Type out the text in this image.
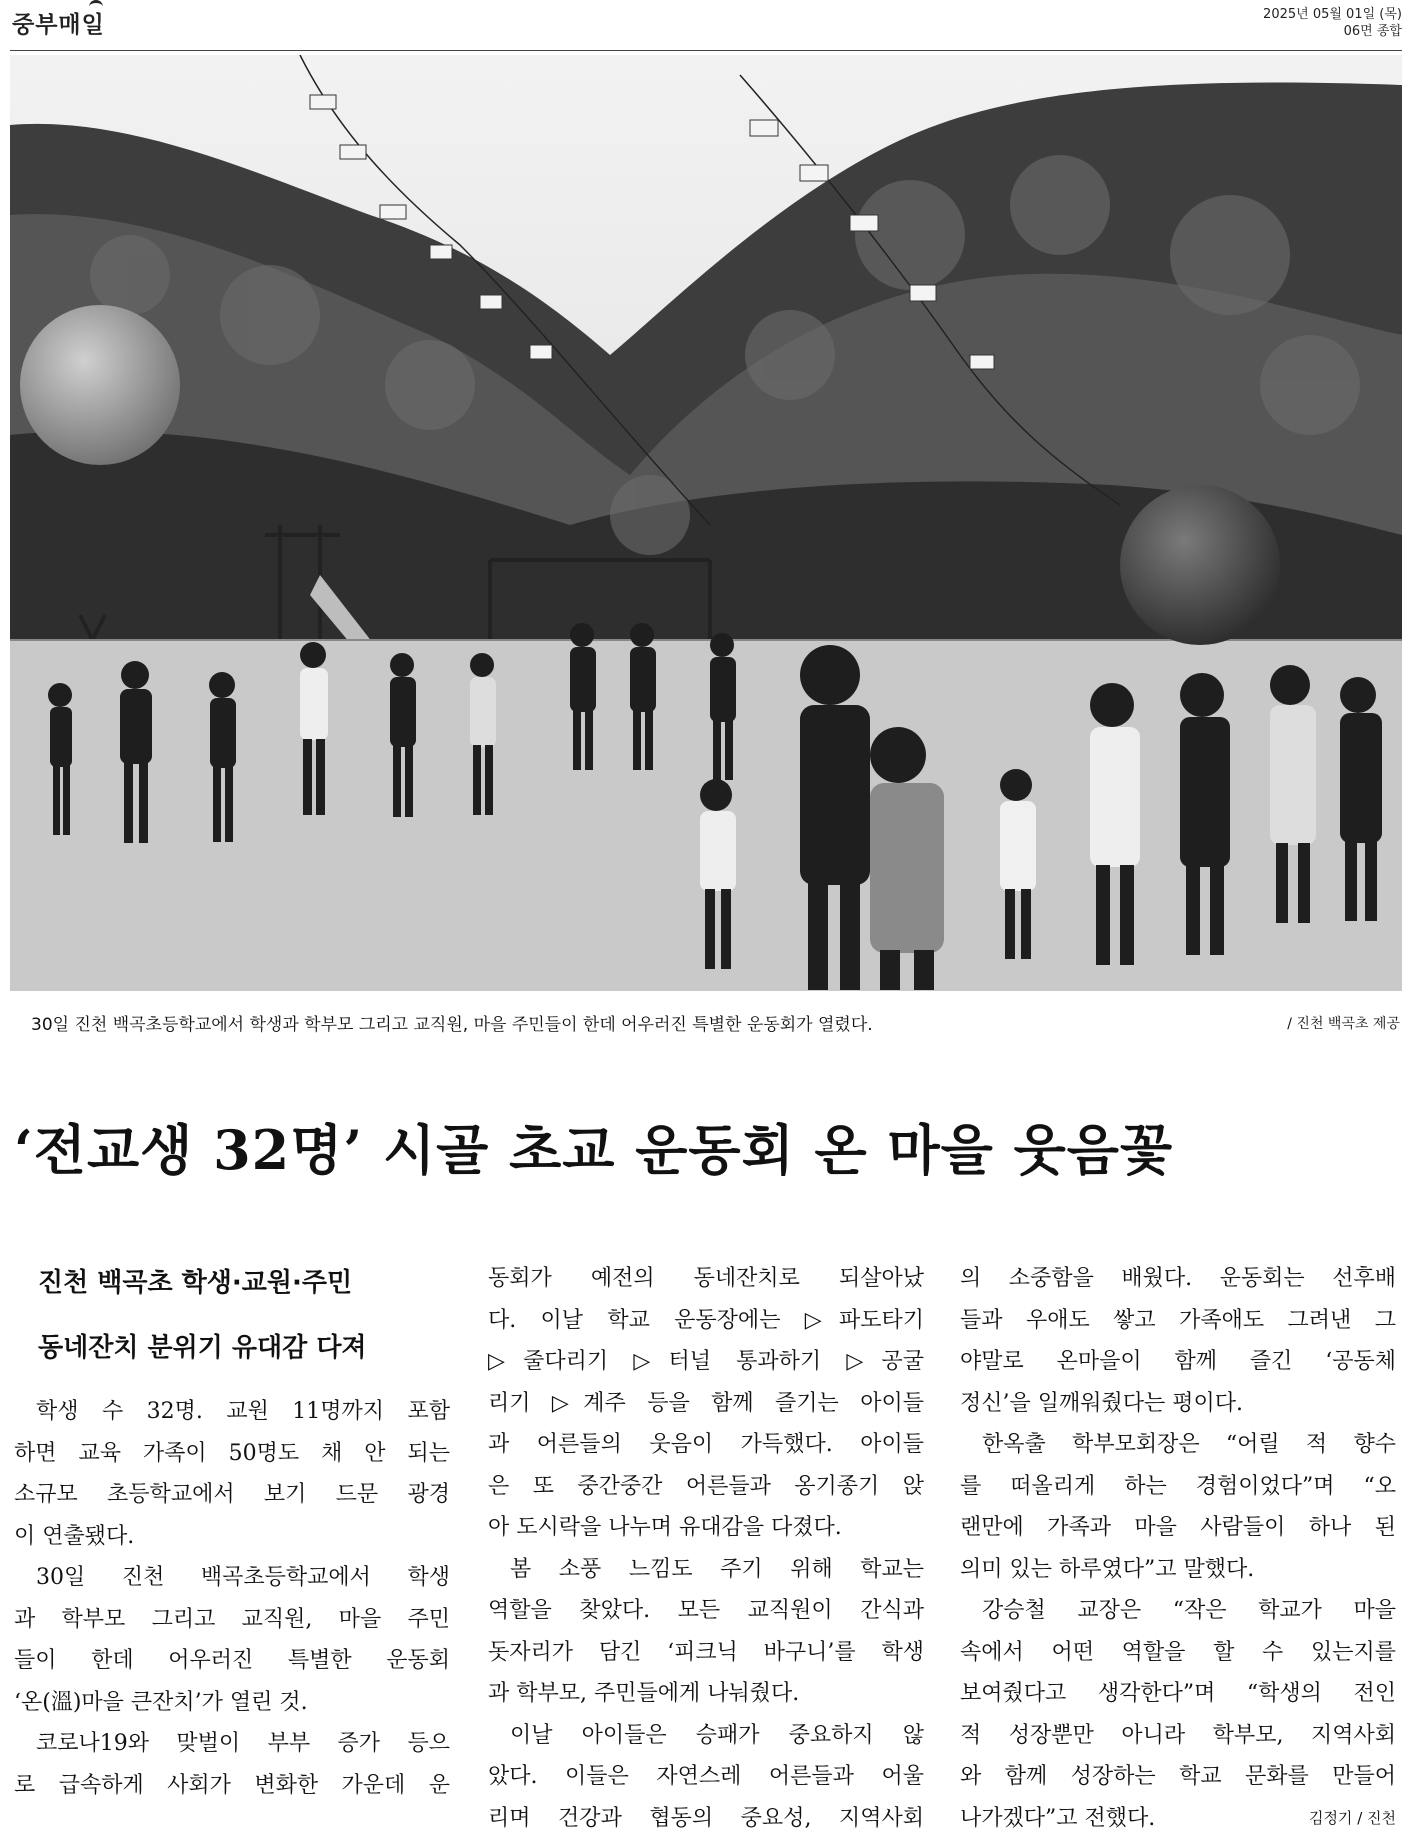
중부매일	2025년 05월 01일 (목)
06면 종합
30일 진천 백곡초등학교에서 학생과 학부모 그리고 교직원, 마을 주민들이 한데 어우러진 특별한 운동회가 열렸다.	/ 진천 백곡초 제공
‘전교생 32명’ 시골 초교 운동회 온 마을 웃음꽃
진천 백곡초 학생·교원·주민
동네잔치 분위기 유대감 다져
학생 수 32명. 교원 11명까지 포함
하면 교육 가족이 50명도 채 안 되는
소규모 초등학교에서 보기 드문 광경
이 연출됐다.
30일 진천 백곡초등학교에서 학생
과 학부모 그리고 교직원, 마을 주민
들이 한데 어우러진 특별한 운동회
‘온(溫)마을 큰잔치’가 열린 것.
코로나19와 맞벌이 부부 증가 등으
로 급속하게 사회가 변화한 가운데 운
동회가 예전의 동네잔치로 되살아났
다. 이날 학교 운동장에는 ▷파도타기
▷줄다리기 ▷터널 통과하기 ▷공굴
리기 ▷계주 등을 함께 즐기는 아이들
과 어른들의 웃음이 가득했다. 아이들
은 또 중간중간 어른들과 옹기종기 앉
아 도시락을 나누며 유대감을 다졌다.
봄 소풍 느낌도 주기 위해 학교는
역할을 찾았다. 모든 교직원이 간식과
돗자리가 담긴 ‘피크닉 바구니’를 학생
과 학부모, 주민들에게 나눠줬다.
이날 아이들은 승패가 중요하지 않
았다. 이들은 자연스레 어른들과 어울
리며 건강과 협동의 중요성, 지역사회
의 소중함을 배웠다. 운동회는 선후배
들과 우애도 쌓고 가족애도 그려낸 그
야말로 온마을이 함께 즐긴 ‘공동체
정신’을 일깨워줬다는 평이다.
한옥출 학부모회장은 “어릴 적 향수
를 떠올리게 하는 경험이었다”며 “오
랜만에 가족과 마을 사람들이 하나 된
의미 있는 하루였다”고 말했다.
강승철 교장은 “작은 학교가 마을
속에서 어떤 역할을 할 수 있는지를
보여줬다고 생각한다”며 “학생의 전인
적 성장뿐만 아니라 학부모, 지역사회
와 함께 성장하는 학교 문화를 만들어
나가겠다”고 전했다.	김정기 / 진천
